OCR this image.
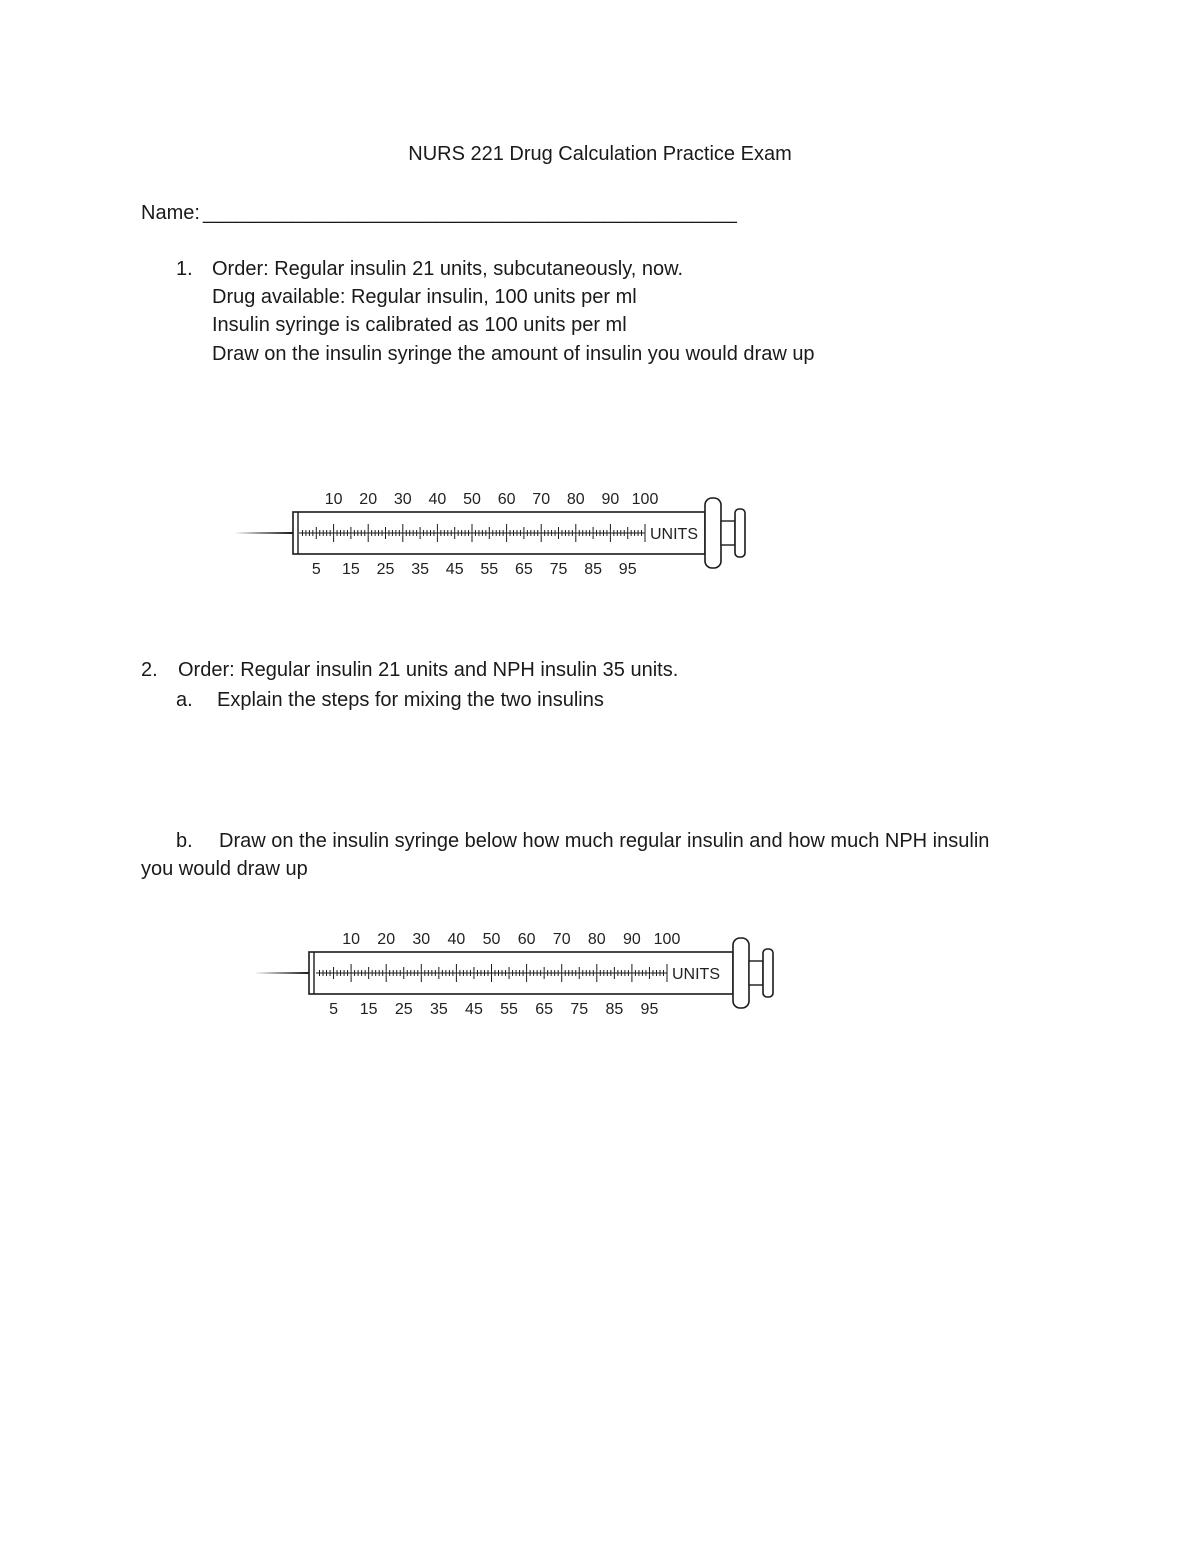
NURS 221 Drug Calculation Practice Exam
Name: ________________________________________________
1. Order: Regular insulin 21 units, subcutaneously, now.
Drug available: Regular insulin, 100 units per ml
Insulin syringe is calibrated as 100 units per ml
Draw on the insulin syringe the amount of insulin you would draw up
UNITS
10 20 30 40 50 60 70 80 90 100
5 15 25 35 45 55 65 75 85 95
2. Order: Regular insulin 21 units and NPH insulin 35 units.
a. Explain the steps for mixing the two insulins
b. Draw on the insulin syringe below how much regular insulin and how much NPH insulin
you would draw up
UNITS
10 20 30 40 50 60 70 80 90 100
5 15 25 35 45 55 65 75 85 95
